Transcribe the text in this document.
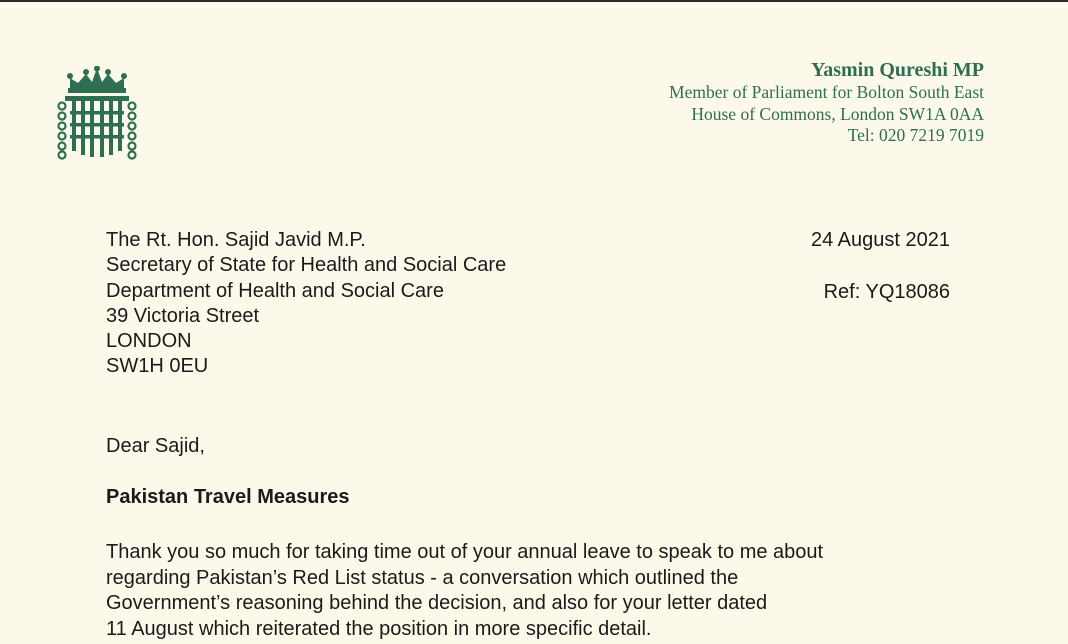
Yasmin Qureshi MP
Member of Parliament for Bolton South East
House of Commons, London SW1A 0AA
Tel: 020 7219 7019
The Rt. Hon. Sajid Javid M.P.
Secretary of State for Health and Social Care
Department of Health and Social Care
39 Victoria Street
LONDON
SW1H 0EU
24 August 2021
Ref: YQ18086
Dear Sajid,
Pakistan Travel Measures
Thank you so much for taking time out of your annual leave to speak to me about
regarding Pakistan’s Red List status - a conversation which outlined the
Government’s reasoning behind the decision, and also for your letter dated
11 August which reiterated the position in more specific detail.
